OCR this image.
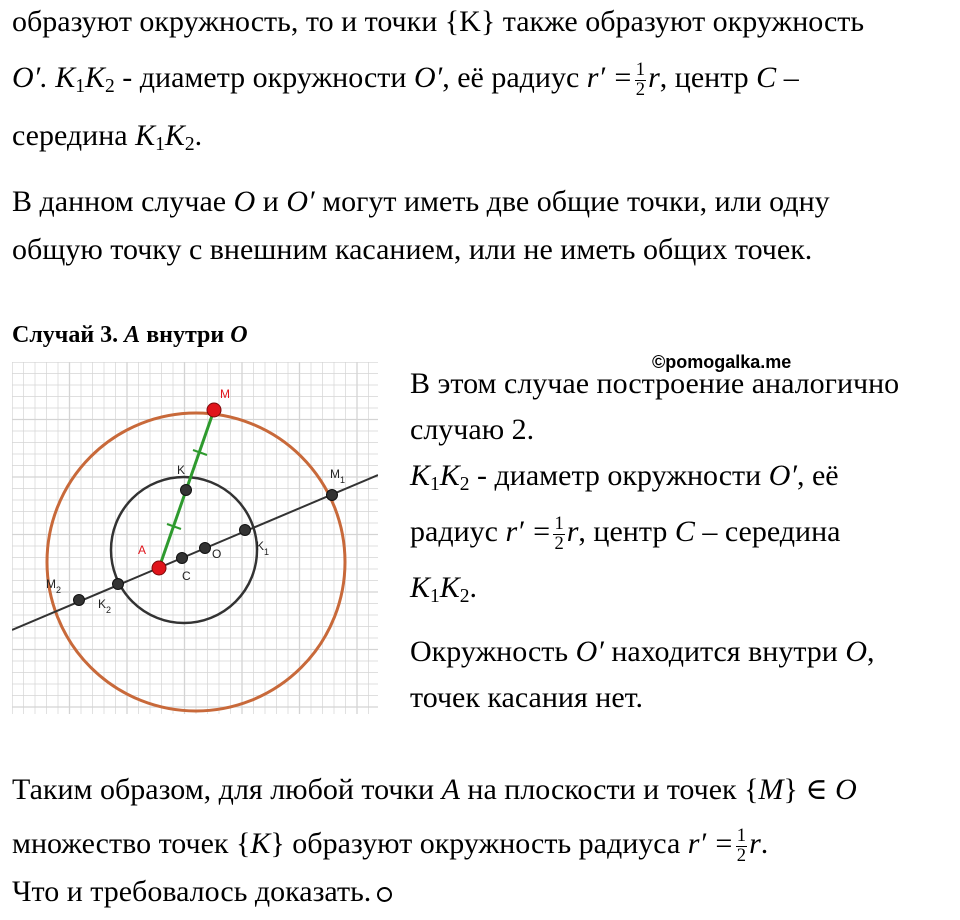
образуют окружность, то и точки {K} также образуют окружность
O′. $K_1K_2$ - диаметр окружности O′, её радиус $r' = \frac{1}{2} r$, центр C –
середина $K_1K_2$.
В данном случае O и O′ могут иметь две общие точки, или одну
общую точку с внешним касанием, или не иметь общих точек.
Случай 3. A внутри O
©pomogalka.me
M
K	$M_1$
$K_1$
O
C
A
$K_2$
$M_2$
В этом случае построение аналогично
случаю 2.
$K_1K_2$ - диаметр окружности O′, её
радиус $r' = \frac{1}{2} r$, центр C – середина
$K_1K_2$.
Окружность O′ находится внутри O,
точек касания нет.
Таким образом, для любой точки A на плоскости и точек {M} ∈ O
множество точек {K} образуют окружность радиуса $r' = \frac{1}{2} r$.
Что и требовалось доказать.
